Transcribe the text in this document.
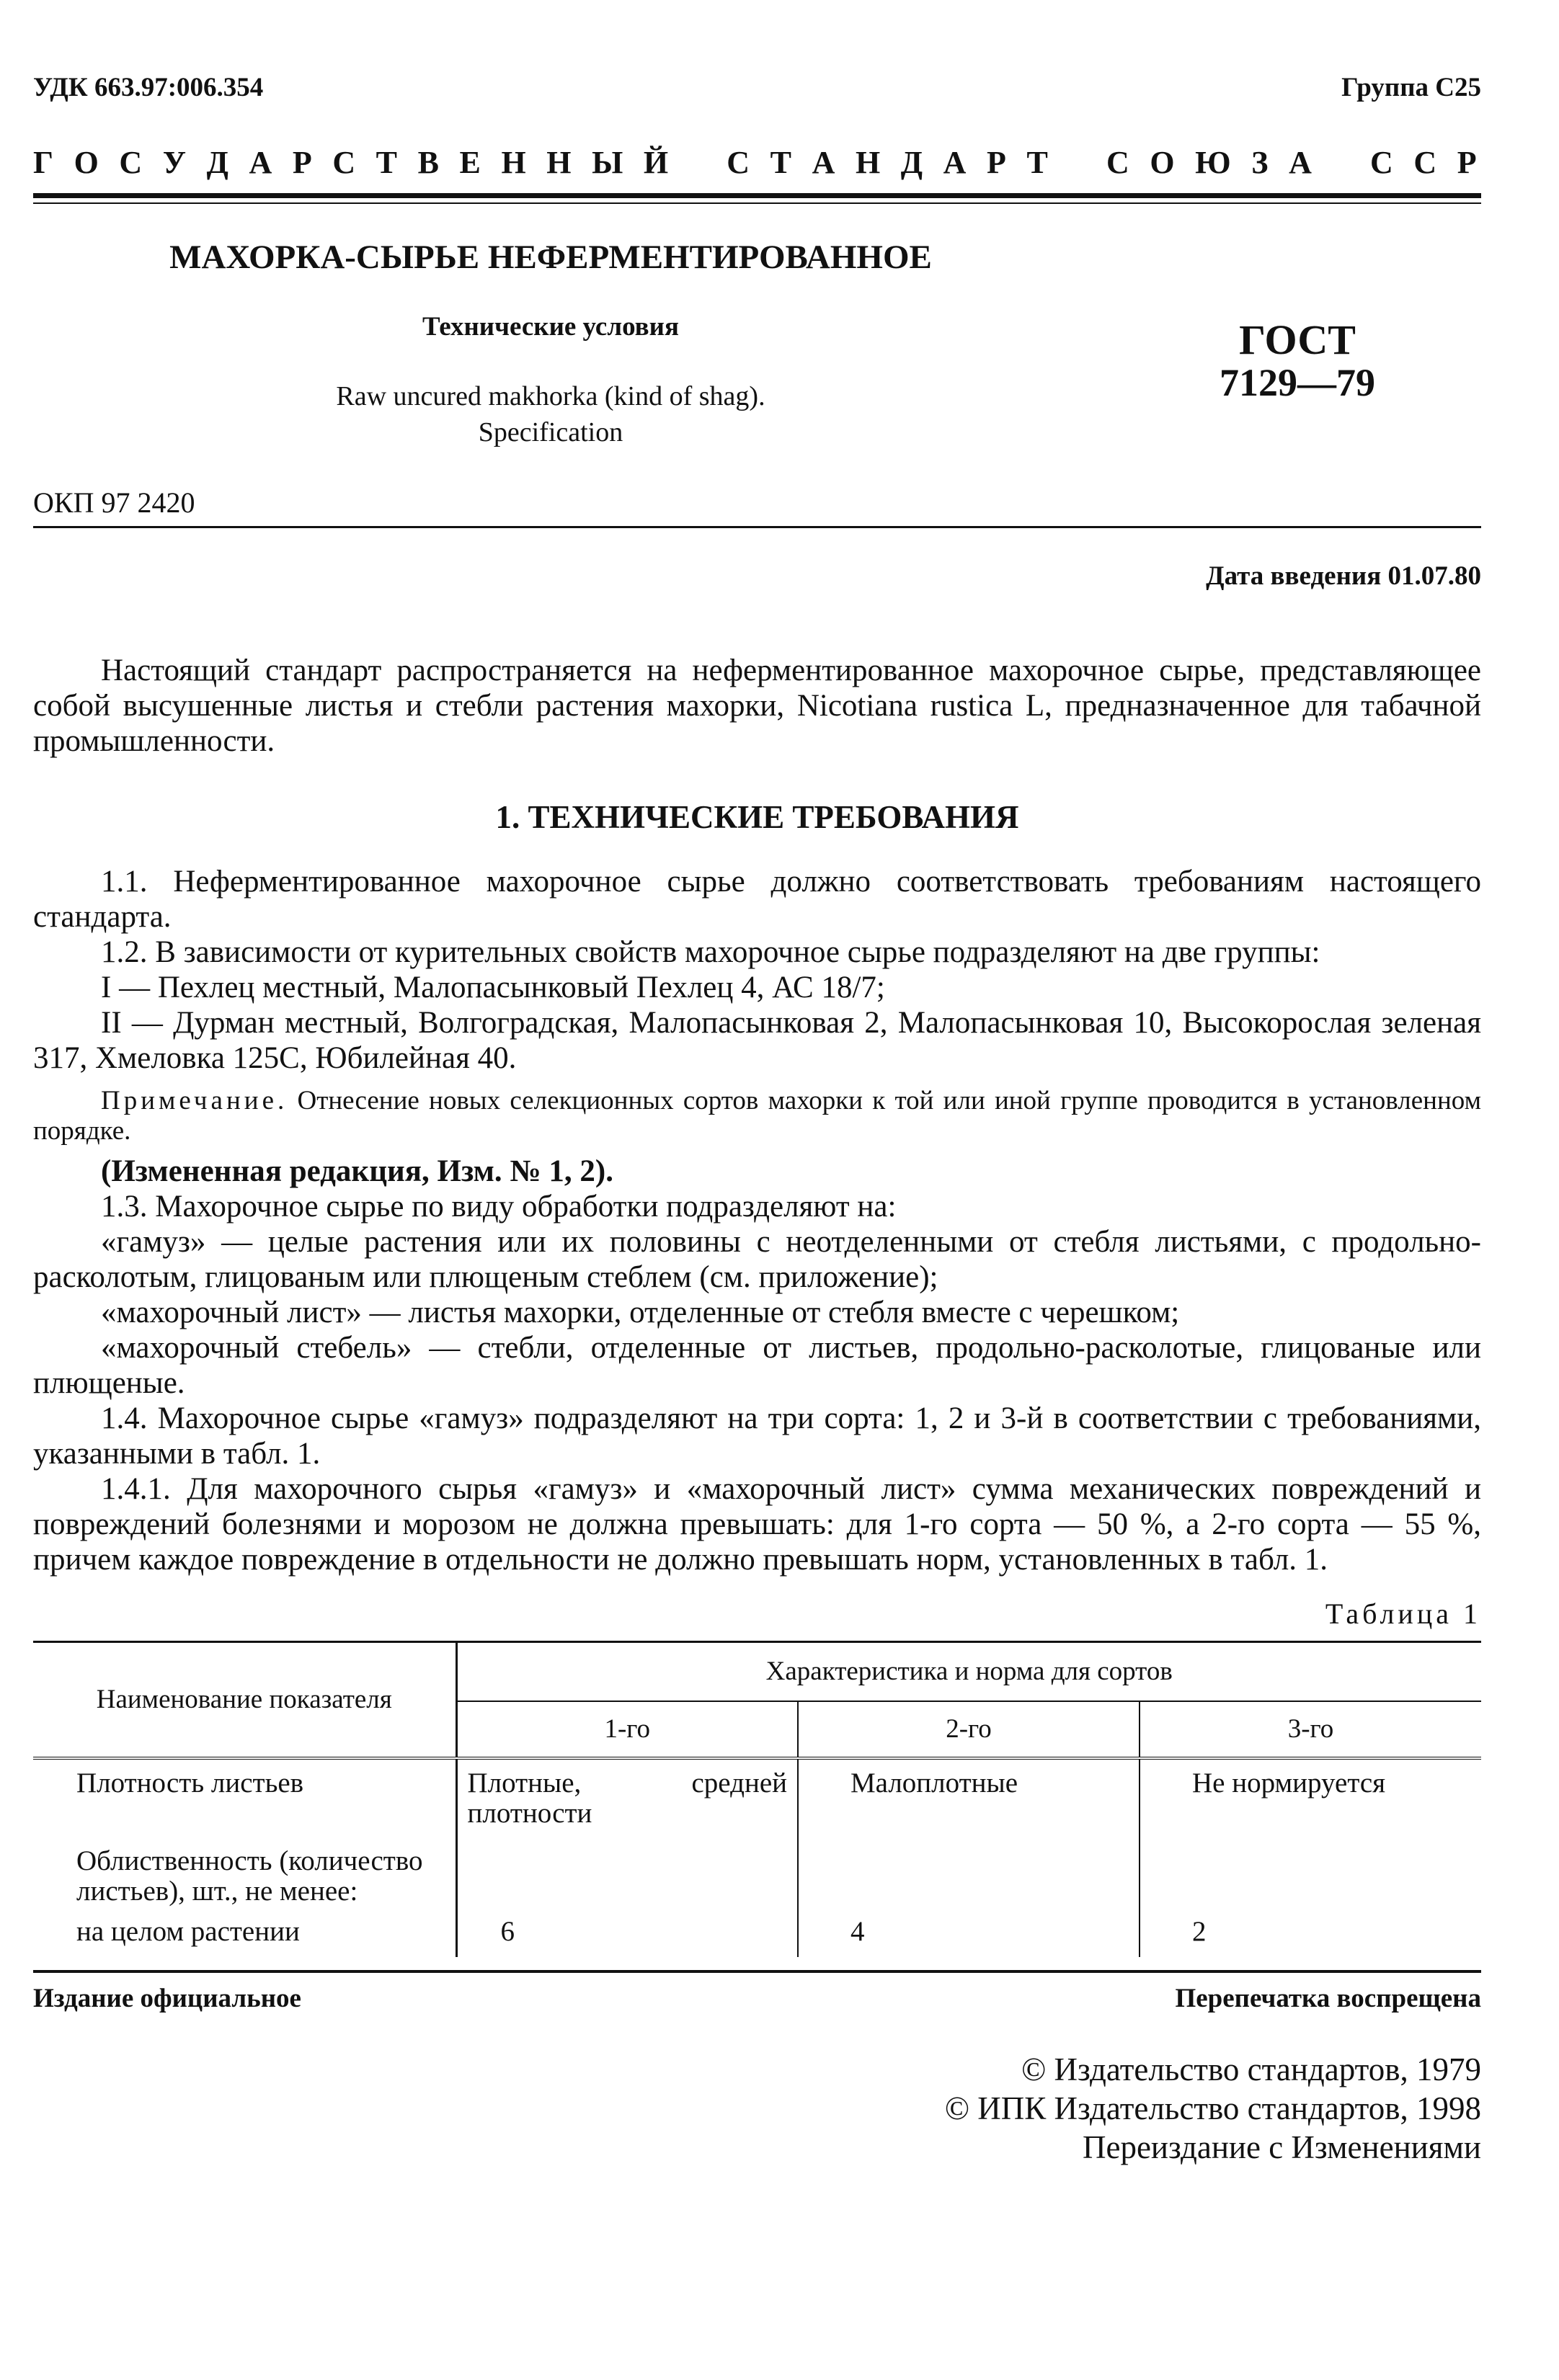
УДК 663.97:006.354	Группа С25
Г О С У Д А Р С Т В Е Н Н Ы Й С Т А Н Д А Р Т С О Ю З А С С Р
МАХОРКА-СЫРЬЕ НЕФЕРМЕНТИРОВАННОЕ
Технические условия
Raw uncured makhorka (kind of shag).
Specification
ГОСТ
7129—79
ОКП 97 2420
Дата введения 01.07.80

Настоящий стандарт распространяется на неферментированное махорочное сырье, представляющее собой высушенные листья и стебли растения махорки, Nicotiana rustica L, предназначенное для табачной промышленности.

1. ТЕХНИЧЕСКИЕ ТРЕБОВАНИЯ

1.1. Неферментированное махорочное сырье должно соответствовать требованиям настоящего стандарта.

1.2. В зависимости от курительных свойств махорочное сырье подразделяют на две группы:

I — Пехлец местный, Малопасынковый Пехлец 4, АС 18/7;

II — Дурман местный, Волгоградская, Малопасынковая 2, Малопасынковая 10, Высокорослая зеленая 317, Хмеловка 125С, Юбилейная 40.

Примечание. Отнесение новых селекционных сортов махорки к той или иной группе проводится в установленном порядке.

(Измененная редакция, Изм. № 1, 2).

1.3. Махорочное сырье по виду обработки подразделяют на:

«гамуз» — целые растения или их половины с неотделенными от стебля листьями, с продольно-расколотым, глицованым или плющеным стеблем (см. приложение);

«махорочный лист» — листья махорки, отделенные от стебля вместе с черешком;

«махорочный стебель» — стебли, отделенные от листьев, продольно-расколотые, глицованые или плющеные.

1.4. Махорочное сырье «гамуз» подразделяют на три сорта: 1, 2 и 3-й в соответствии с требованиями, указанными в табл. 1.

1.4.1. Для махорочного сырья «гамуз» и «махорочный лист» сумма механических повреждений и повреждений болезнями и морозом не должна превышать: для 1-го сорта — 50 %, а 2-го сорта — 55 %, причем каждое повреждение в отдельности не должно превышать норм, установленных в табл. 1.

Таблица 1
Наименование показателя	Характеристика и норма для сортов		
	1-го	2-го	3-го
Плотность листьев	Плотные, средней плотности	Малоплотные	Не нормируется
Облиственность (количество листьев), шт., не менее:			
на целом растении	6	4	2
Издание официальное	Перепечатка воспрещена
© Издательство стандартов, 1979
© ИПК Издательство стандартов, 1998
Переиздание с Изменениями
